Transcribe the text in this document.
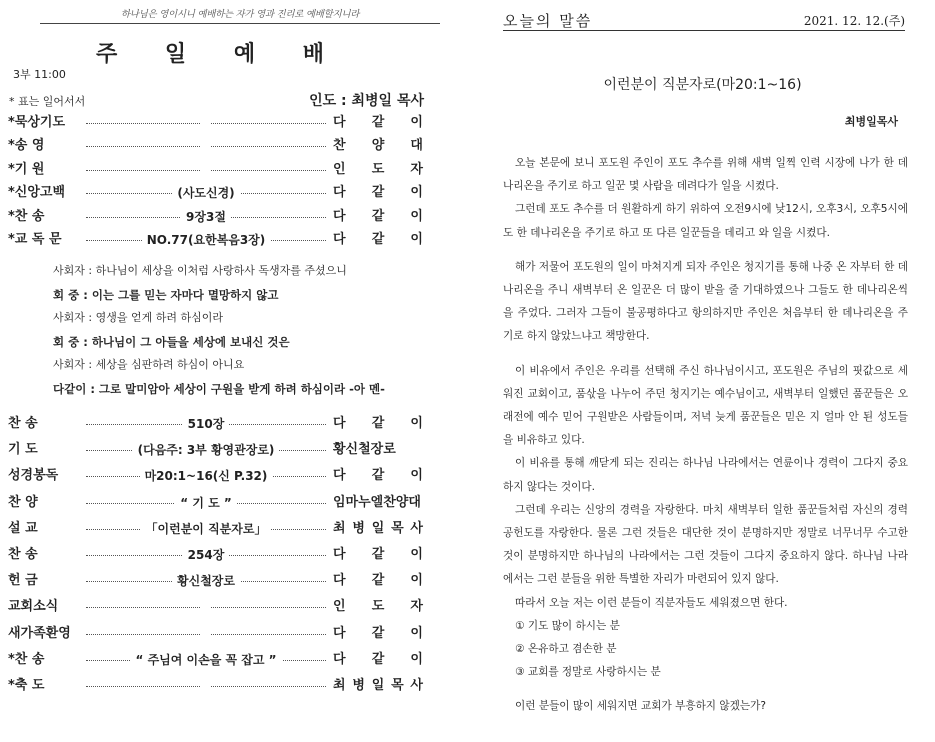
하나님은 영이시니 예배하는 자가 영과 진리로 예배할지니라
주 일 예 배
3부 11:00
* 표는 일어서서	인도 : 최병일 목사
*묵상기도	다 같 이
*송 영	찬 양 대
*기 원	인 도 자
*신앙고백	(사도신경)	다 같 이
*찬 송	9장3절	다 같 이
*교 독 문	NO.77(요한복음3장)	다 같 이
사회자 : 하나님이 세상을 이처럼 사랑하사 독생자를 주셨으니
회 중 : 이는 그를 믿는 자마다 멸망하지 않고
사회자 : 영생을 얻게 하려 하심이라
회 중 : 하나님이 그 아들을 세상에 보내신 것은
사회자 : 세상을 심판하려 하심이 아니요
다같이 : 그로 말미암아 세상이 구원을 받게 하려 하심이라 -아 멘-
찬 송	510장	다 같 이
기 도	(다음주: 3부 황영관장로)	황신철장로
성경봉독	마20:1~16(신 P.32)	다 같 이
찬 양	“ 기 도 ”	임마누엘찬양대
설 교	「이런분이 직분자로」	최 병 일 목 사
찬 송	254장	다 같 이
헌 금	황신철장로	다 같 이
교회소식	인 도 자
새가족환영	다 같 이
*찬 송	“ 주님여 이손을 꼭 잡고 ”	다 같 이
*축 도	최 병 일 목 사
오늘의 말씀	2021. 12. 12.(주)
이런분이 직분자로(마20:1~16)
최병일목사

오늘 본문에 보니 포도원 주인이 포도 추수를 위해 새벽 일찍 인력 시장에 나가 한 데나리온을 주기로 하고 일꾼 몇 사람을 데려다가 일을 시켰다.

그런데 포도 추수를 더 원활하게 하기 위하여 오전9시에 낮12시, 오후3시, 오후5시에도 한 데나리온을 주기로 하고 또 다른 일꾼들을 데리고 와 일을 시켰다.

해가 저물어 포도원의 일이 마쳐지게 되자 주인은 청지기를 통해 나중 온 자부터 한 데나리온을 주니 새벽부터 온 일꾼은 더 많이 받을 줄 기대하였으나 그들도 한 데나리온씩을 주었다. 그러자 그들이 불공평하다고 항의하지만 주인은 처음부터 한 데나리온을 주기로 하지 않았느냐고 책망한다.

이 비유에서 주인은 우리를 선택해 주신 하나님이시고, 포도원은 주님의 핏값으로 세워진 교회이고, 품삯을 나누어 주던 청지기는 예수님이고, 새벽부터 일했던 품꾼들은 오래전에 예수 믿어 구원받은 사람들이며, 저녁 늦게 품꾼들은 믿은 지 얼마 안 된 성도들을 비유하고 있다.

이 비유를 통해 깨닫게 되는 진리는 하나님 나라에서는 연륜이나 경력이 그다지 중요하지 않다는 것이다.

그런데 우리는 신앙의 경력을 자랑한다. 마치 새벽부터 일한 품꾼들처럼 자신의 경력 공헌도를 자랑한다. 물론 그런 것들은 대단한 것이 분명하지만 정말로 너무너무 수고한 것이 분명하지만 하나님의 나라에서는 그런 것들이 그다지 중요하지 않다. 하나님 나라에서는 그런 분들을 위한 특별한 자리가 마련되어 있지 않다.

따라서 오늘 저는 이런 분들이 직분자들도 세워졌으면 한다.

① 기도 많이 하시는 분
② 온유하고 겸손한 분
③ 교회를 정말로 사랑하시는 분
이런 분들이 많이 세워지면 교회가 부흥하지 않겠는가?
